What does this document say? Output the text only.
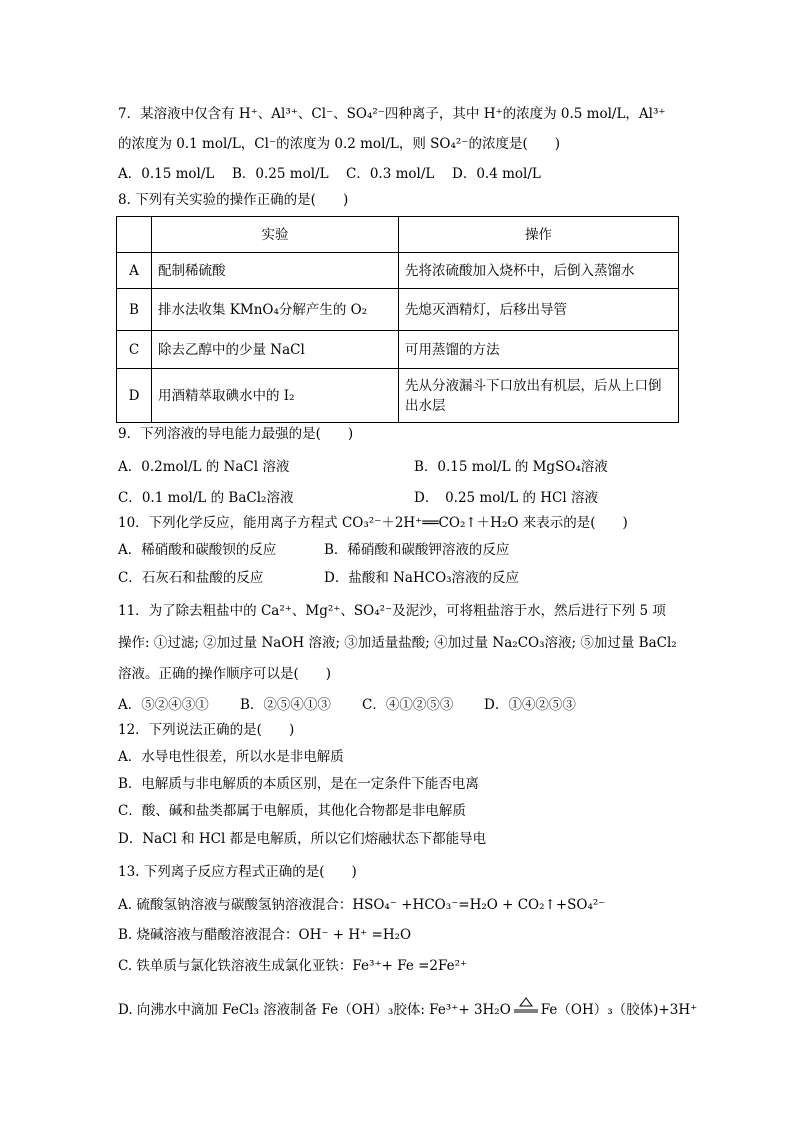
7．某溶液中仅含有 H⁺、Al³⁺、Cl⁻、SO₄²⁻四种离子，其中 H⁺的浓度为 0.5 mol/L，Al³⁺
的浓度为 0.1 mol/L，Cl⁻的浓度为 0.2 mol/L，则 SO₄²⁻的浓度是(　　)
A．0.15 mol/L B．0.25 mol/L C．0.3 mol/L D．0.4 mol/L
8. 下列有关实验的操作正确的是(　　)
	实验	操作
A	配制稀硫酸	先将浓硫酸加入烧杯中，后倒入蒸馏水
B	排水法收集 KMnO₄分解产生的 O₂	先熄灭酒精灯，后移出导管
C	除去乙醇中的少量 NaCl	可用蒸馏的方法
D	用酒精萃取碘水中的 I₂	先从分液漏斗下口放出有机层，后从上口倒
出水层
9．下列溶液的导电能力最强的是(　　)
A．0.2mol/L 的 NaCl 溶液	B．0.15 mol/L 的 MgSO₄溶液
C．0.1 mol/L 的 BaCl₂溶液	D．　0.25 mol/L 的 HCl 溶液
10．下列化学反应，能用离子方程式 CO₃²⁻＋2H⁺══CO₂↑＋H₂O 来表示的是(　　)
A．稀硝酸和碳酸钡的反应	B．稀硝酸和碳酸钾溶液的反应
C．石灰石和盐酸的反应	D．盐酸和 NaHCO₃溶液的反应
11．为了除去粗盐中的 Ca²⁺、Mg²⁺、SO₄²⁻及泥沙，可将粗盐溶于水，然后进行下列 5 项
操作: ①过滤; ②加过量 NaOH 溶液; ③加适量盐酸; ④加过量 Na₂CO₃溶液; ⑤加过量 BaCl₂
溶液。正确的操作顺序可以是(　　)
A．⑤②④③① B．②⑤④①③ C．④①②⑤③ D．①④②⑤③
12．下列说法正确的是(　　)
A．水导电性很差，所以水是非电解质
B．电解质与非电解质的本质区别，是在一定条件下能否电离
C．酸、碱和盐类都属于电解质，其他化合物都是非电解质
D．NaCl 和 HCl 都是电解质，所以它们熔融状态下都能导电
13. 下列离子反应方程式正确的是(　　)
A. 硫酸氢钠溶液与碳酸氢钠溶液混合：HSO₄⁻ +HCO₃⁻=H₂O + CO₂↑+SO₄²⁻
B. 烧碱溶液与醋酸溶液混合：OH⁻ + H⁺ =H₂O
C. 铁单质与氯化铁溶液生成氯化亚铁：Fe³⁺+ Fe =2Fe²⁺
D. 向沸水中滴加 FeCl₃ 溶液制备 Fe（OH）₃胶体: Fe³⁺+ 3H₂O Fe（OH）₃（胶体)+3H⁺
